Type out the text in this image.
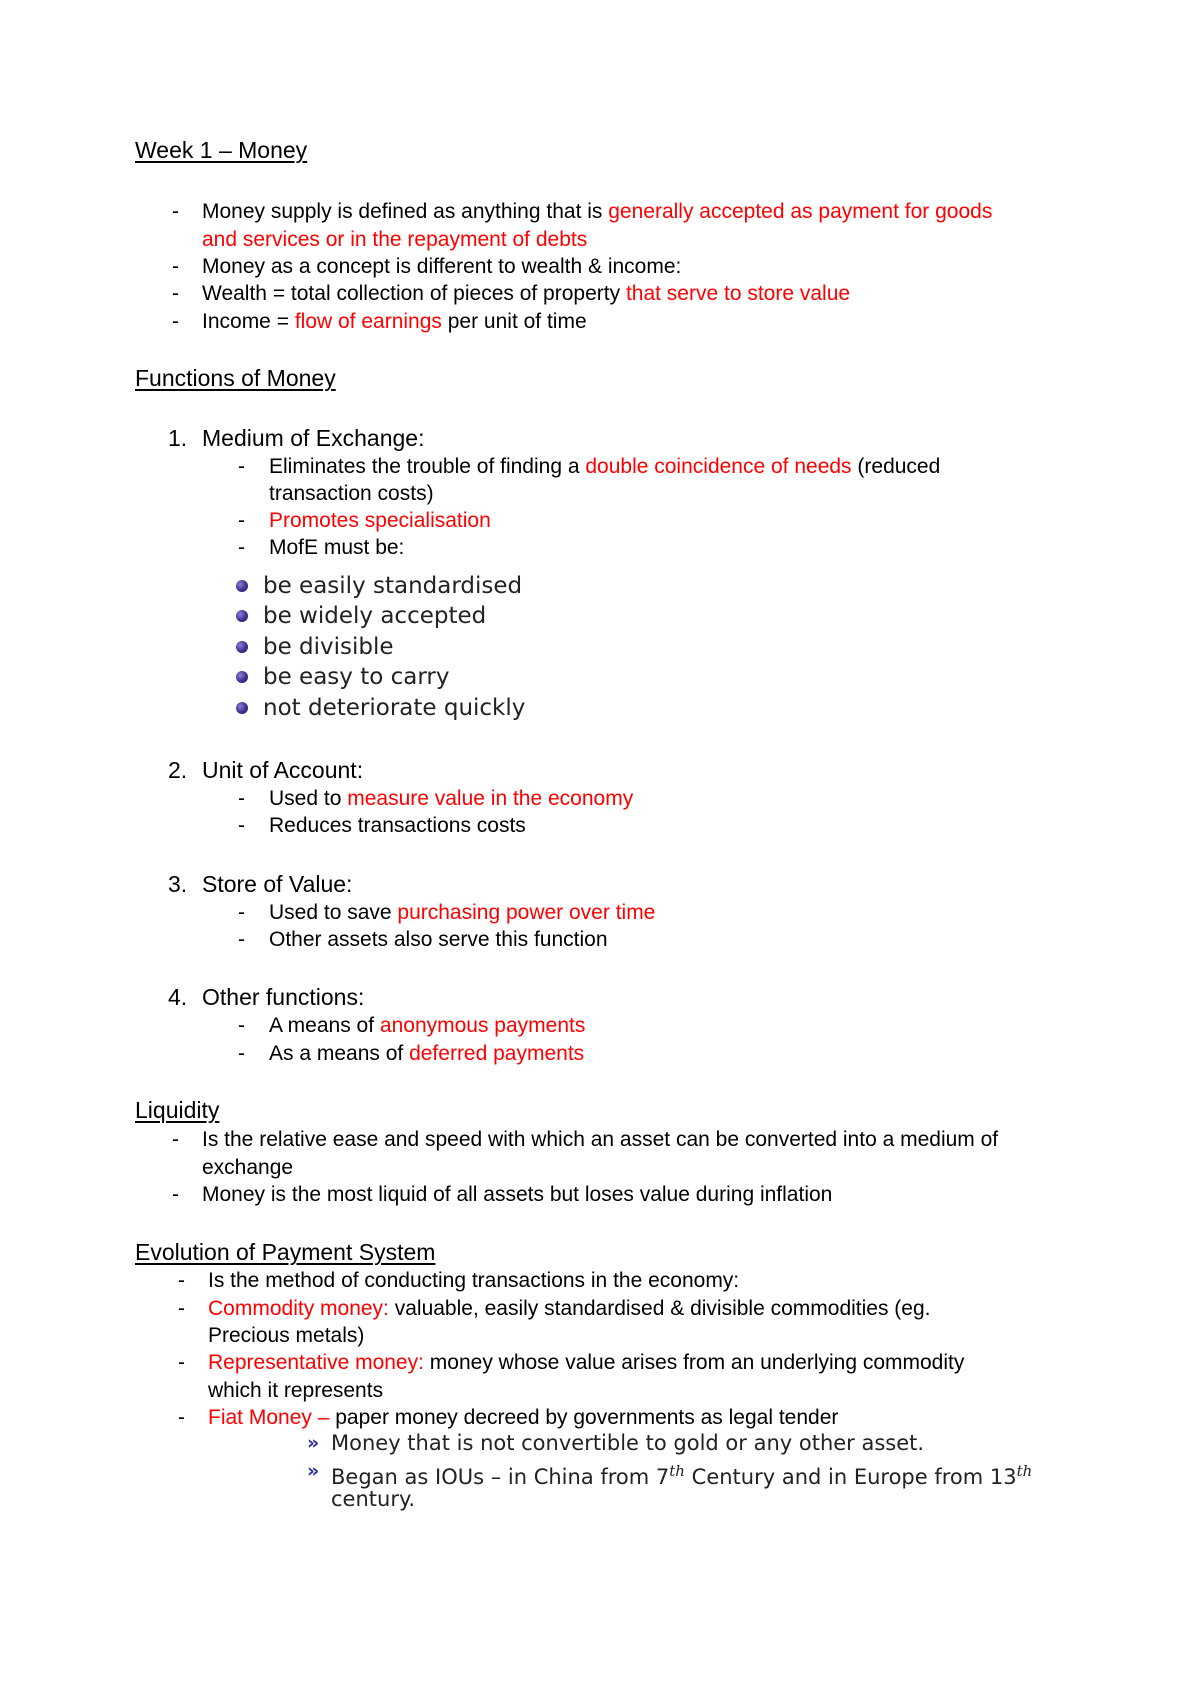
Week 1 – Money
- Money supply is defined as anything that is generally accepted as payment for goods
and services or in the repayment of debts
- Money as a concept is different to wealth & income:
- Wealth = total collection of pieces of property that serve to store value
- Income = flow of earnings per unit of time
Functions of Money
1. Medium of Exchange:
- Eliminates the trouble of finding a double coincidence of needs (reduced
transaction costs)
- Promotes specialisation
- MofE must be:
be easily standardised
be widely accepted
be divisible
be easy to carry
not deteriorate quickly
2. Unit of Account:
- Used to measure value in the economy
- Reduces transactions costs
3. Store of Value:
- Used to save purchasing power over time
- Other assets also serve this function
4. Other functions:
- A means of anonymous payments
- As a means of deferred payments
Liquidity
- Is the relative ease and speed with which an asset can be converted into a medium of
exchange
- Money is the most liquid of all assets but loses value during inflation
Evolution of Payment System
- Is the method of conducting transactions in the economy:
- Commodity money: valuable, easily standardised & divisible commodities (eg.
Precious metals)
- Representative money: money whose value arises from an underlying commodity
which it represents
- Fiat Money – paper money decreed by governments as legal tender
» Money that is not convertible to gold or any other asset.
» Began as IOUs – in China from 7th Century and in Europe from 13th
century.
